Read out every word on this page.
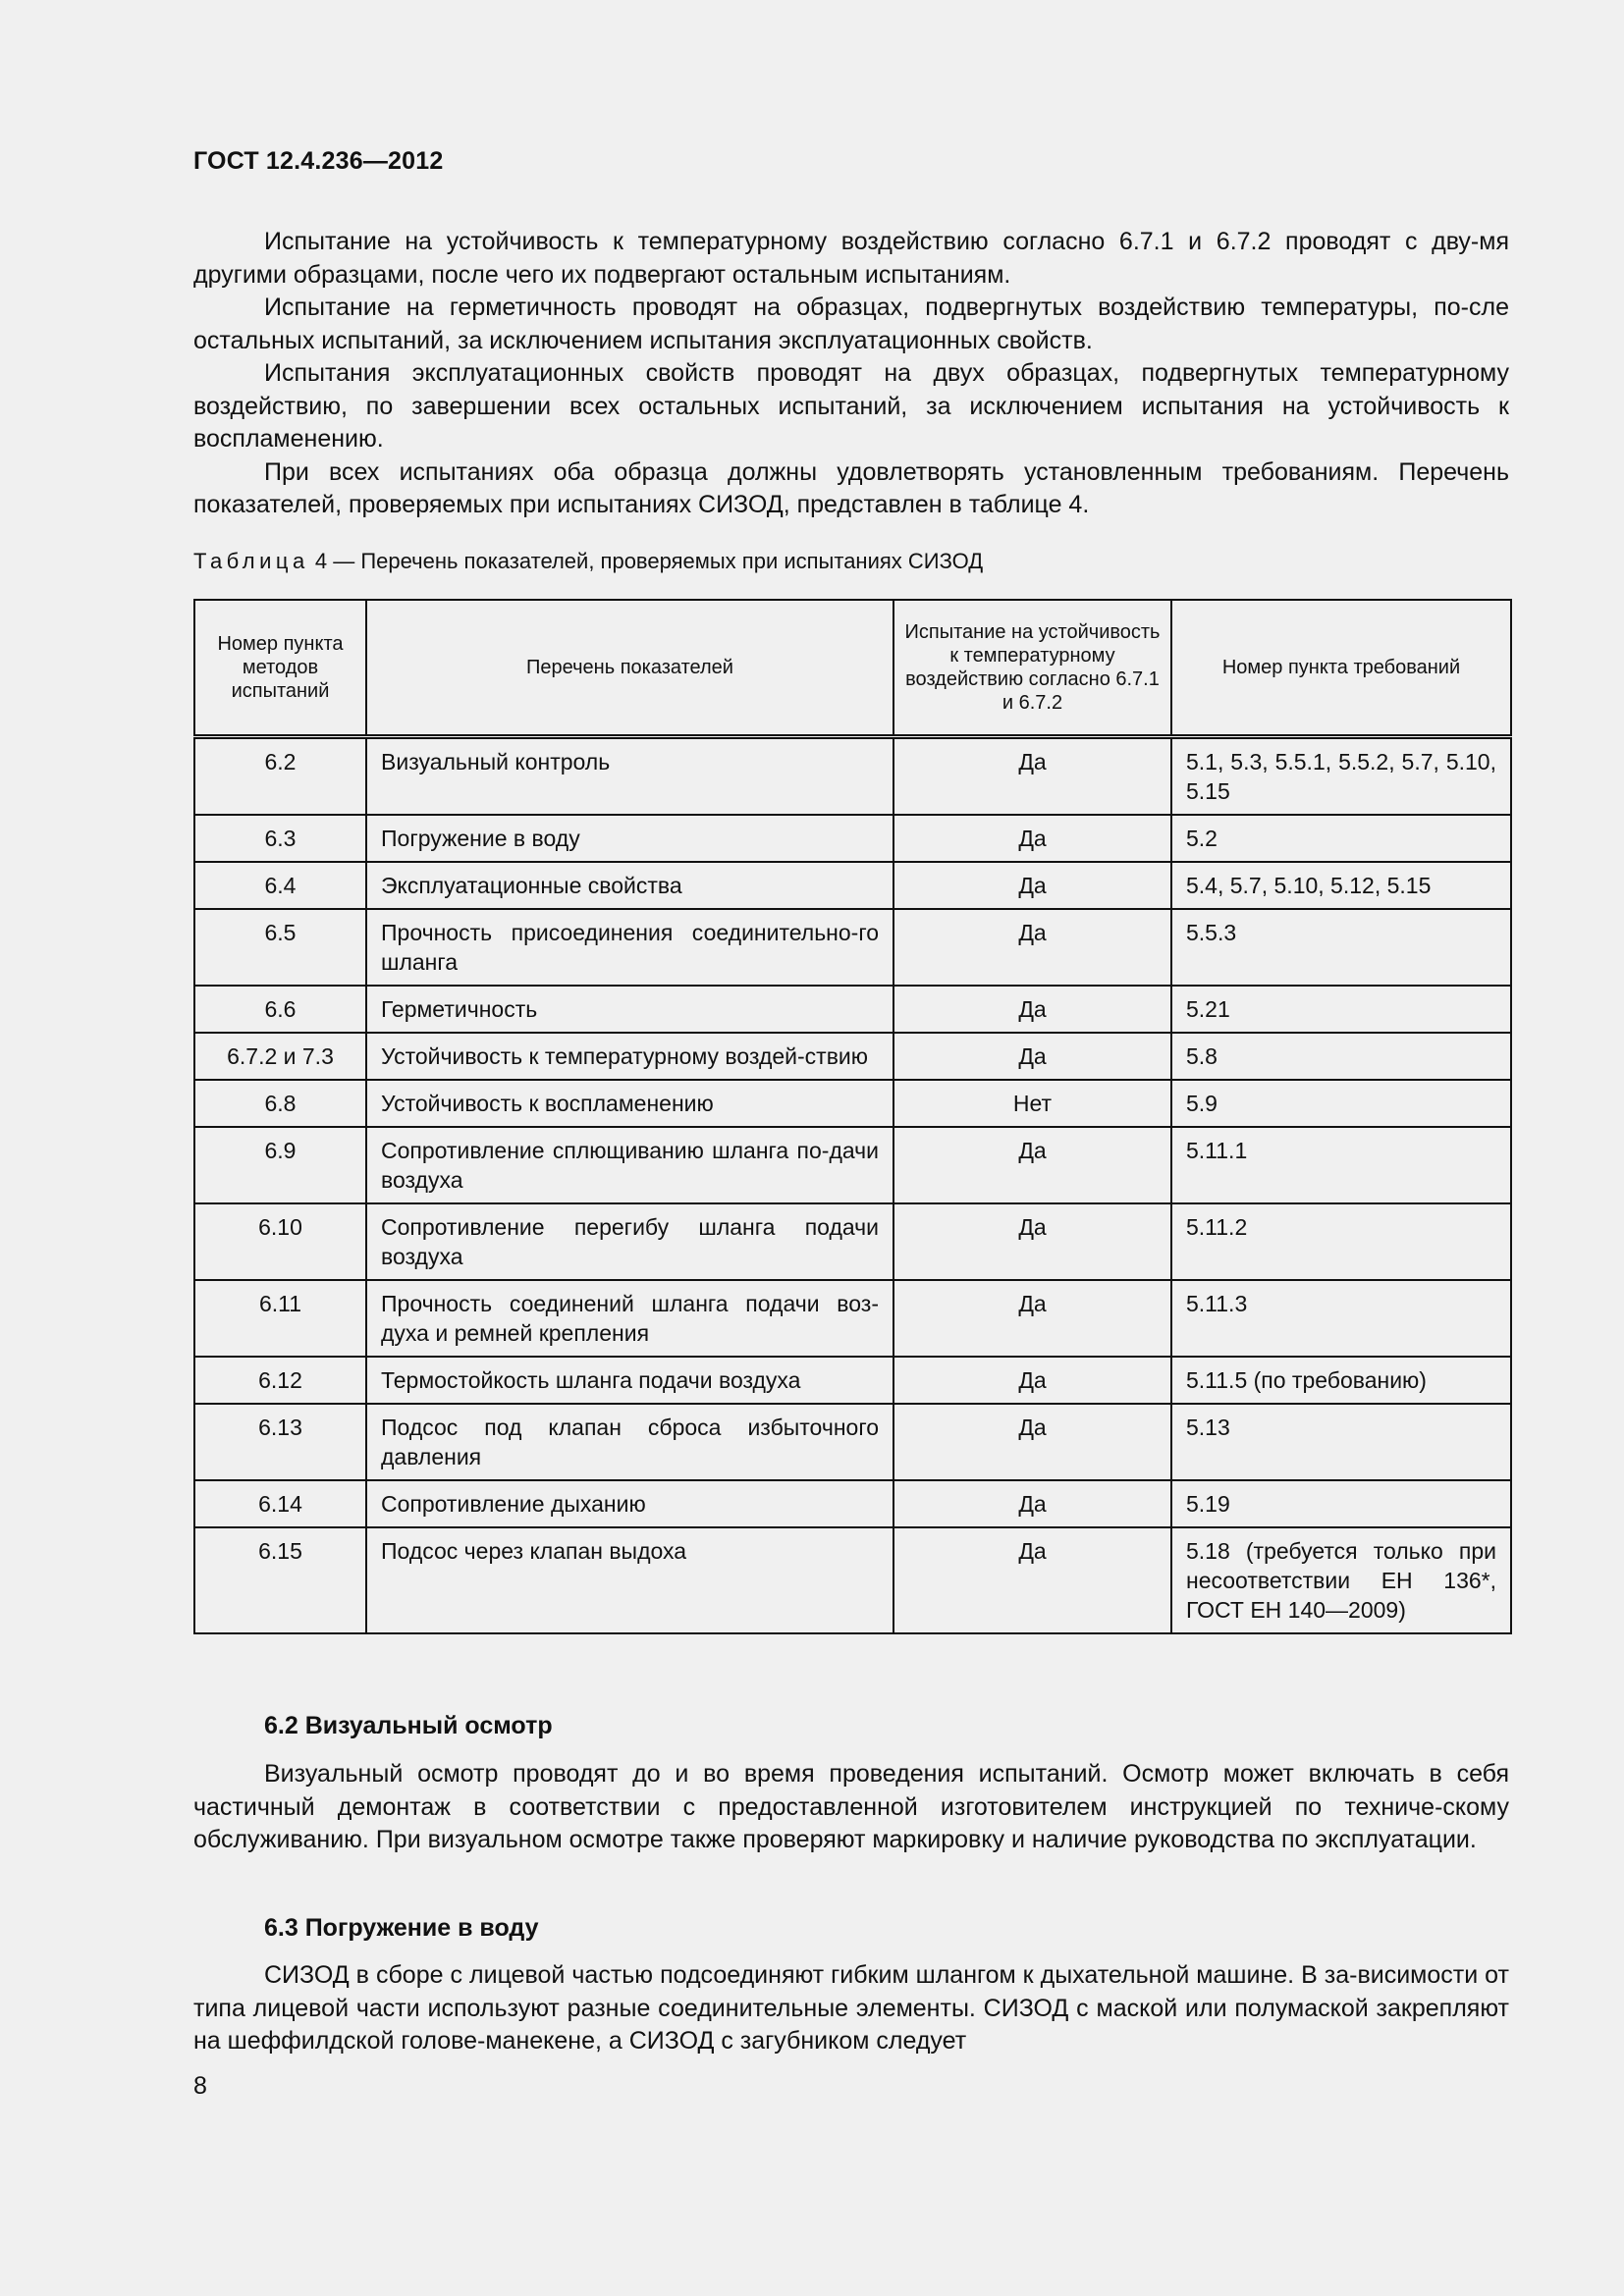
ГОСТ 12.4.236—2012

Испытание на устойчивость к температурному воздействию согласно 6.7.1 и 6.7.2 проводят с дву-мя другими образцами, после чего их подвергают остальным испытаниям.

Испытание на герметичность проводят на образцах, подвергнутых воздействию температуры, по-сле остальных испытаний, за исключением испытания эксплуатационных свойств.

Испытания эксплуатационных свойств проводят на двух образцах, подвергнутых температурному воздействию, по завершении всех остальных испытаний, за исключением испытания на устойчивость к воспламенению.

При всех испытаниях оба образца должны удовлетворять установленным требованиям. Перечень показателей, проверяемых при испытаниях СИЗОД, представлен в таблице 4.

Таблица 4 — Перечень показателей, проверяемых при испытаниях СИЗОД
Номер пункта методов испытаний	Перечень показателей	Испытание на устойчивость к температурному воздействию согласно 6.7.1 и 6.7.2	Номер пункта требований
6.2	Визуальный контроль	Да	5.1, 5.3, 5.5.1, 5.5.2, 5.7, 5.10, 5.15
6.3	Погружение в воду	Да	5.2
6.4	Эксплуатационные свойства	Да	5.4, 5.7, 5.10, 5.12, 5.15
6.5	Прочность присоединения соединительно-го шланга	Да	5.5.3
6.6	Герметичность	Да	5.21
6.7.2 и 7.3	Устойчивость к температурному воздей-ствию	Да	5.8
6.8	Устойчивость к воспламенению	Нет	5.9
6.9	Сопротивление сплющиванию шланга по-дачи воздуха	Да	5.11.1
6.10	Сопротивление перегибу шланга подачи воздуха	Да	5.11.2
6.11	Прочность соединений шланга подачи воз-духа и ремней крепления	Да	5.11.3
6.12	Термостойкость шланга подачи воздуха	Да	5.11.5 (по требованию)
6.13	Подсос под клапан сброса избыточного давления	Да	5.13
6.14	Сопротивление дыханию	Да	5.19
6.15	Подсос через клапан выдоха	Да	5.18 (требуется только при несоответствии ЕН 136*, ГОСТ ЕН 140—2009)
6.2 Визуальный осмотр

Визуальный осмотр проводят до и во время проведения испытаний. Осмотр может включать в себя частичный демонтаж в соответствии с предоставленной изготовителем инструкцией по техниче-скому обслуживанию. При визуальном осмотре также проверяют маркировку и наличие руководства по эксплуатации.

6.3 Погружение в воду

СИЗОД в сборе с лицевой частью подсоединяют гибким шлангом к дыхательной машине. В за-висимости от типа лицевой части используют разные соединительные элементы. СИЗОД с маской или полумаской закрепляют на шеффилдской голове-манекене, а СИЗОД с загубником следует

8
